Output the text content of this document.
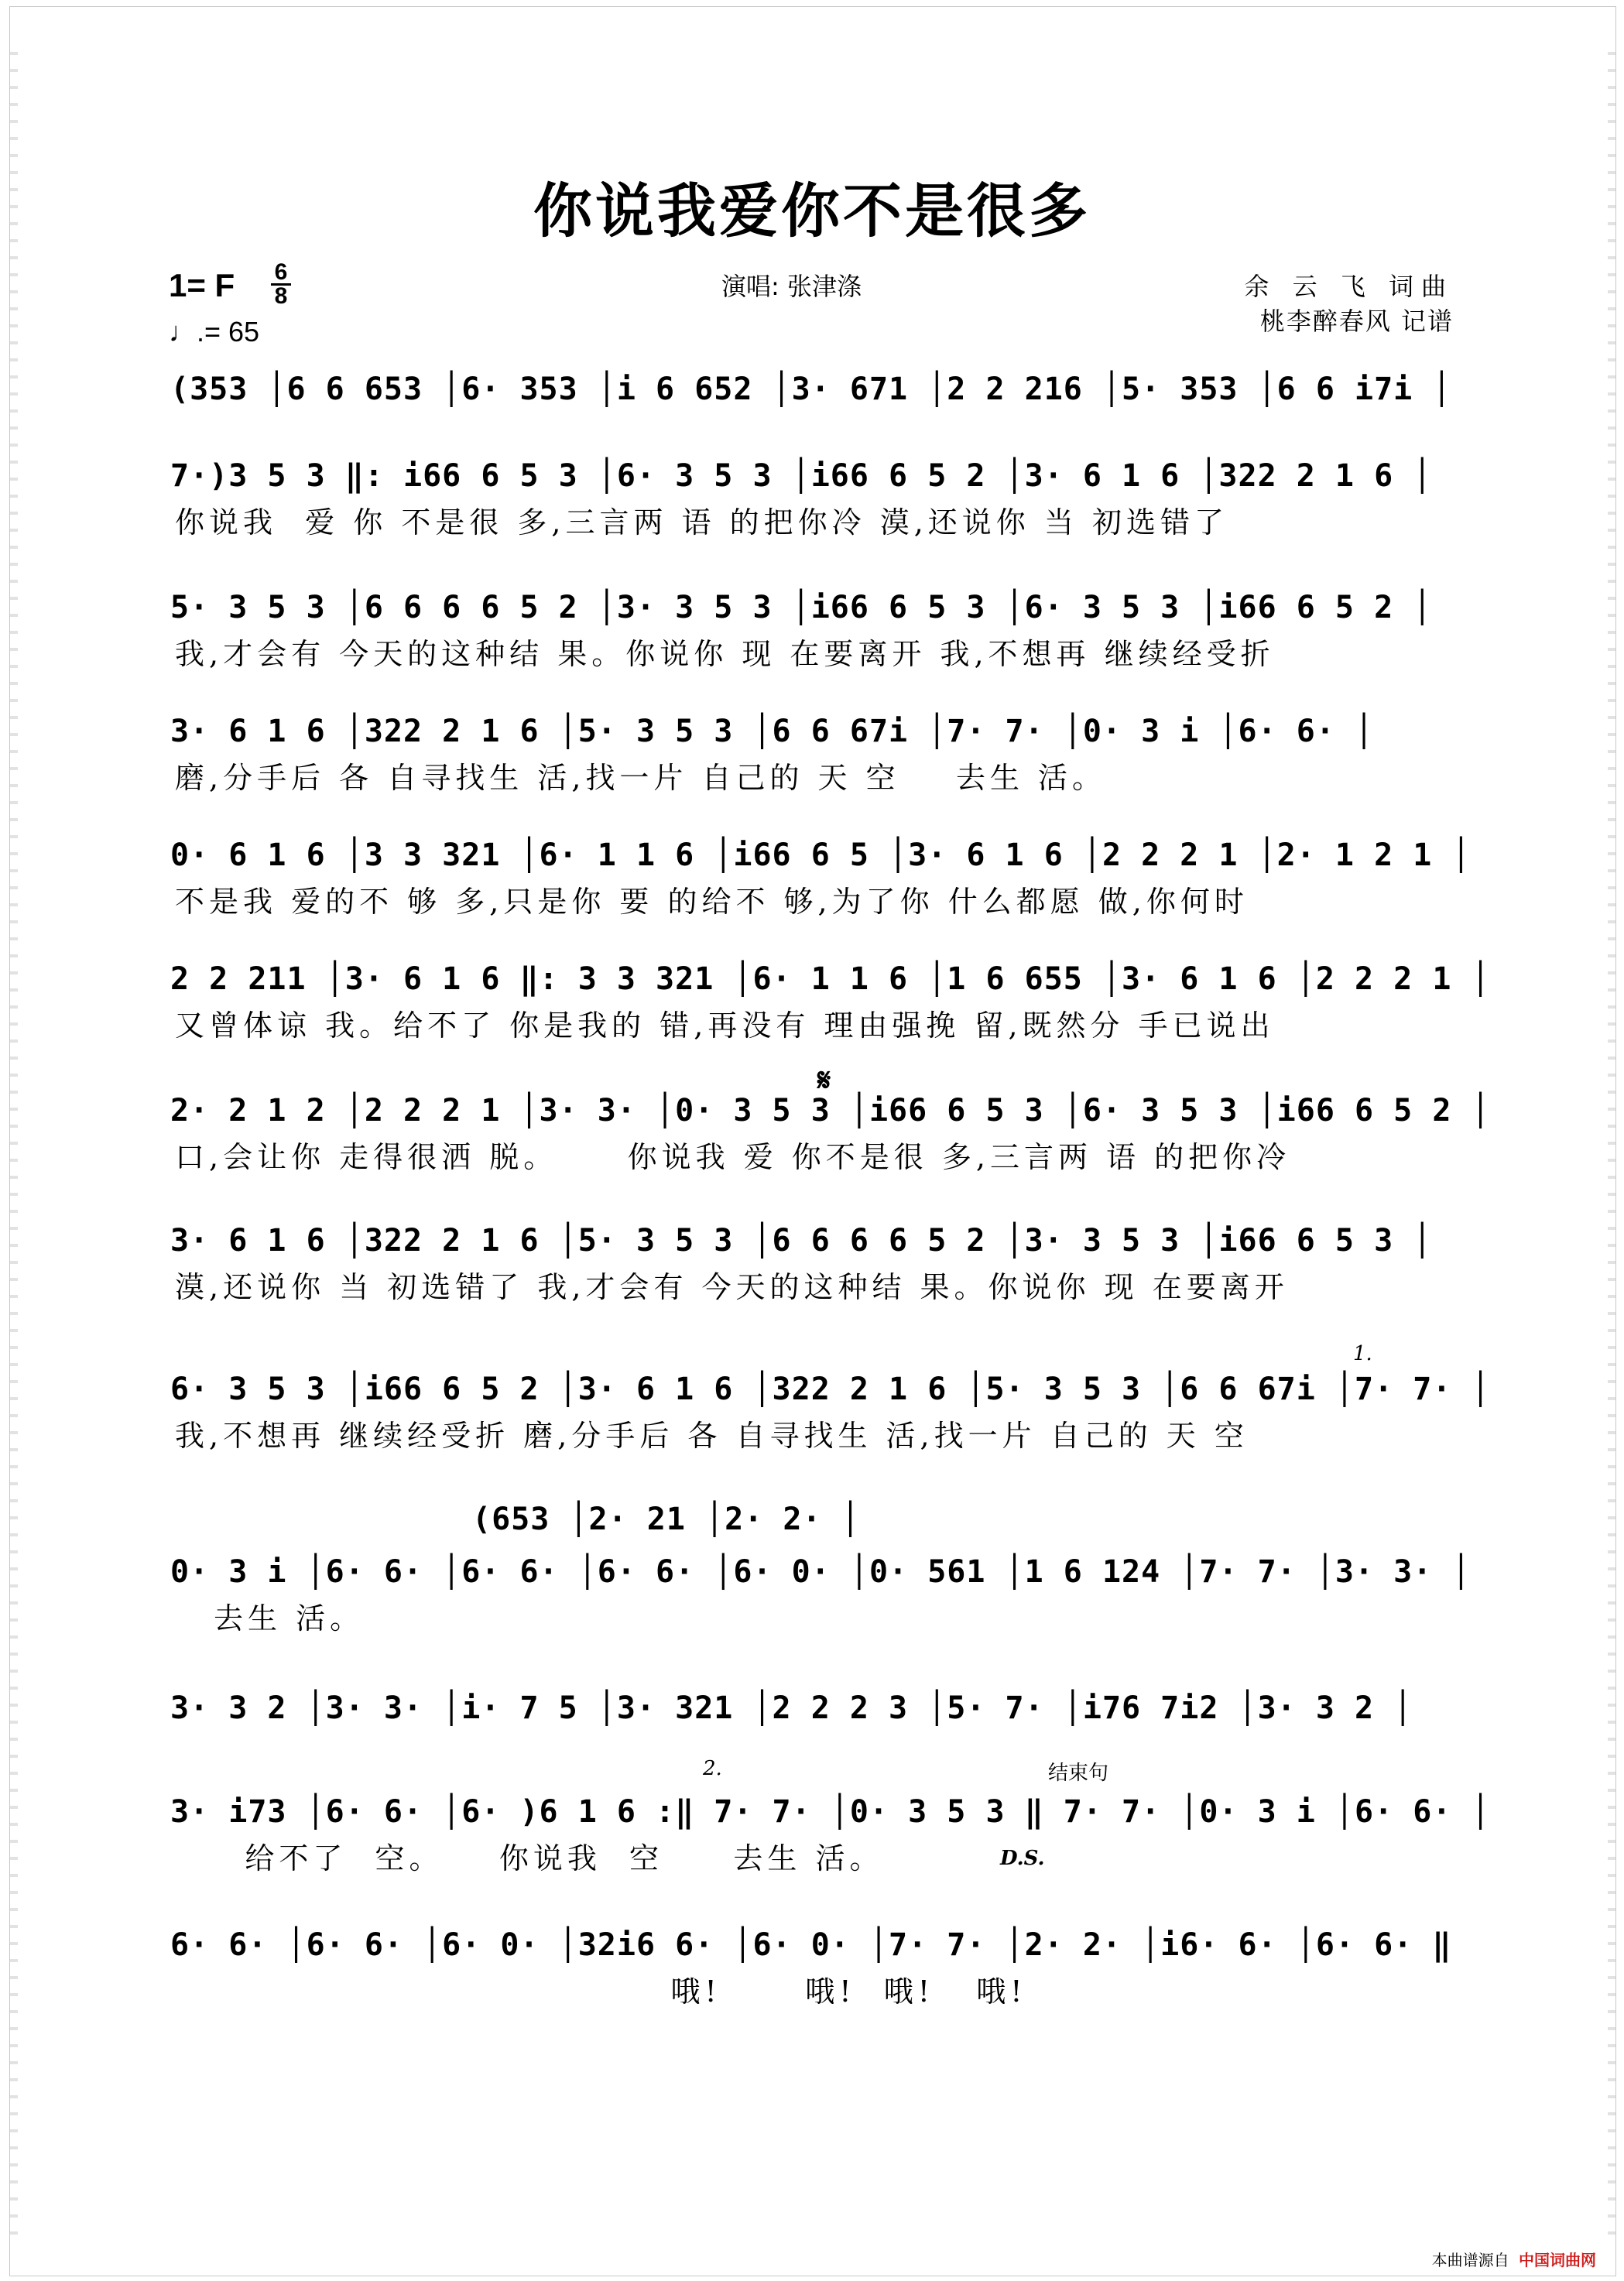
你说我爱你不是很多
1= F 6
8
♩.= 65
演唱: 张津涤	余 云 飞 词曲
桃李醉春风 记谱
(353 │6 6 653 │6· 353 │i 6 652 │3· 671 │2 2 216 │5· 353 │6 6 i7i │
7·)3 5 3 ‖: i66 6 5 3 │6· 3 5 3 │i66 6 5 2 │3· 6 1 6 │322 2 1 6 │
你说我  爱 你 不是很 多,三言两 语 的把你冷 漠,还说你 当 初选错了
5· 3 5 3 │6 6 6 6 5 2 │3· 3 5 3 │i66 6 5 3 │6· 3 5 3 │i66 6 5 2 │
我,才会有 今天的这种结 果。你说你 现 在要离开 我,不想再 继续经受折
3· 6 1 6 │322 2 1 6 │5· 3 5 3 │6 6 67i │7· 7· │0· 3 i │6· 6· │
磨,分手后 各 自寻找生 活,找一片 自己的 天 空    去生 活。
0· 6 1 6 │3 3 321 │6· 1 1 6 │i66 6 5 │3· 6 1 6 │2 2 2 1 │2· 1 2 1 │
不是我 爱的不 够 多,只是你 要 的给不 够,为了你 什么都愿 做,你何时
2 2 211 │3· 6 1 6 ‖: 3 3 321 │6· 1 1 6 │1 6 655 │3· 6 1 6 │2 2 2 1 │
又曾体谅 我。给不了 你是我的 错,再没有 理由强挽 留,既然分 手已说出
2· 2 1 2 │2 2 2 1 │3· 3· │0· 3 5 3 │i66 6 5 3 │6· 3 5 3 │i66 6 5 2 │
口,会让你 走得很洒 脱。     你说我 爱 你不是很 多,三言两 语 的把你冷
3· 6 1 6 │322 2 1 6 │5· 3 5 3 │6 6 6 6 5 2 │3· 3 5 3 │i66 6 5 3 │
漠,还说你 当 初选错了 我,才会有 今天的这种结 果。你说你 现 在要离开
6· 3 5 3 │i66 6 5 2 │3· 6 1 6 │322 2 1 6 │5· 3 5 3 │6 6 67i │7· 7· │
我,不想再 继续经受折 磨,分手后 各 自寻找生 活,找一片 自己的 天 空
(653 │2· 21 │2· 2· │
0· 3 i │6· 6· │6· 6· │6· 6· │6· 0· │0· 561 │1 6 124 │7· 7· │3· 3· │
去生 活。
3· 3 2 │3· 3· │i· 7 5 │3· 321 │2 2 2 3 │5· 7· │i76 7i2 │3· 3 2 │
3· i73 │6· 6· │6· )6 1 6 :‖ 7· 7· │0· 3 5 3 ‖ 7· 7· │0· 3 i │6· 6· │
给不了  空。    你说我  空     去生 活。
6· 6· │6· 6· │6· 0· │32i6 6· │6· 0· │7· 7· │2· 2· │i6· 6· │6· 6· ‖
哦!      哦!  哦!   哦!
𝄋
1.
2.	结束句
D.S.
本曲谱源自 中国词曲网
